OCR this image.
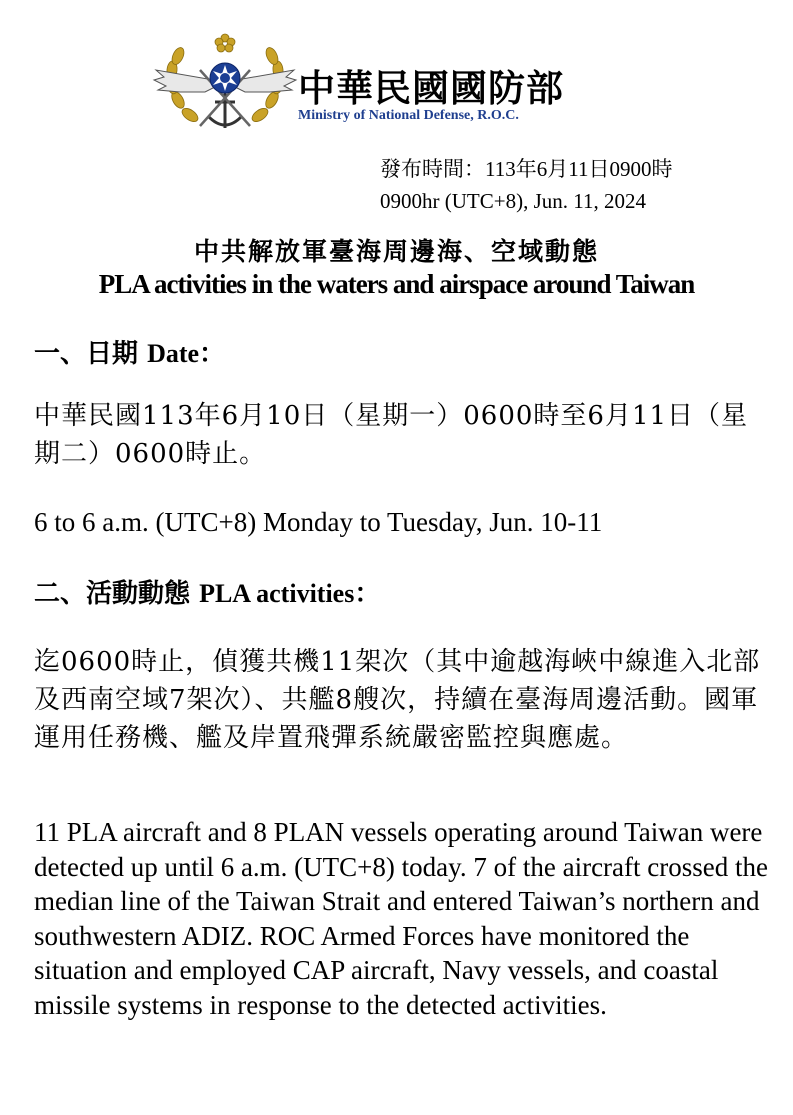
中華民國國防部
Ministry of National Defense, R.O.C.
發布時間：113年6月11日0900時
0900hr (UTC+8), Jun. 11, 2024
中共解放軍臺海周邊海、空域動態
PLA activities in the waters and airspace around Taiwan
一、日期 Date：
中華民國113年6月10日（星期一）0600時至6月11日（星期二）0600時止。
6 to 6 a.m. (UTC+8) Monday to Tuesday, Jun. 10-11
二、活動動態 PLA activities：
迄0600時止，偵獲共機11架次（其中逾越海峽中線進入北部及西南空域7架次）、共艦8艘次，持續在臺海周邊活動。國軍運用任務機、艦及岸置飛彈系統嚴密監控與應處。
11 PLA aircraft and 8 PLAN vessels operating around Taiwan were detected up until 6 a.m. (UTC+8) today. 7 of the aircraft crossed the median line of the Taiwan Strait and entered Taiwan’s northern and southwestern ADIZ. ROC Armed Forces have monitored the situation and employed CAP aircraft, Navy vessels, and coastal missile systems in response to the detected activities.
